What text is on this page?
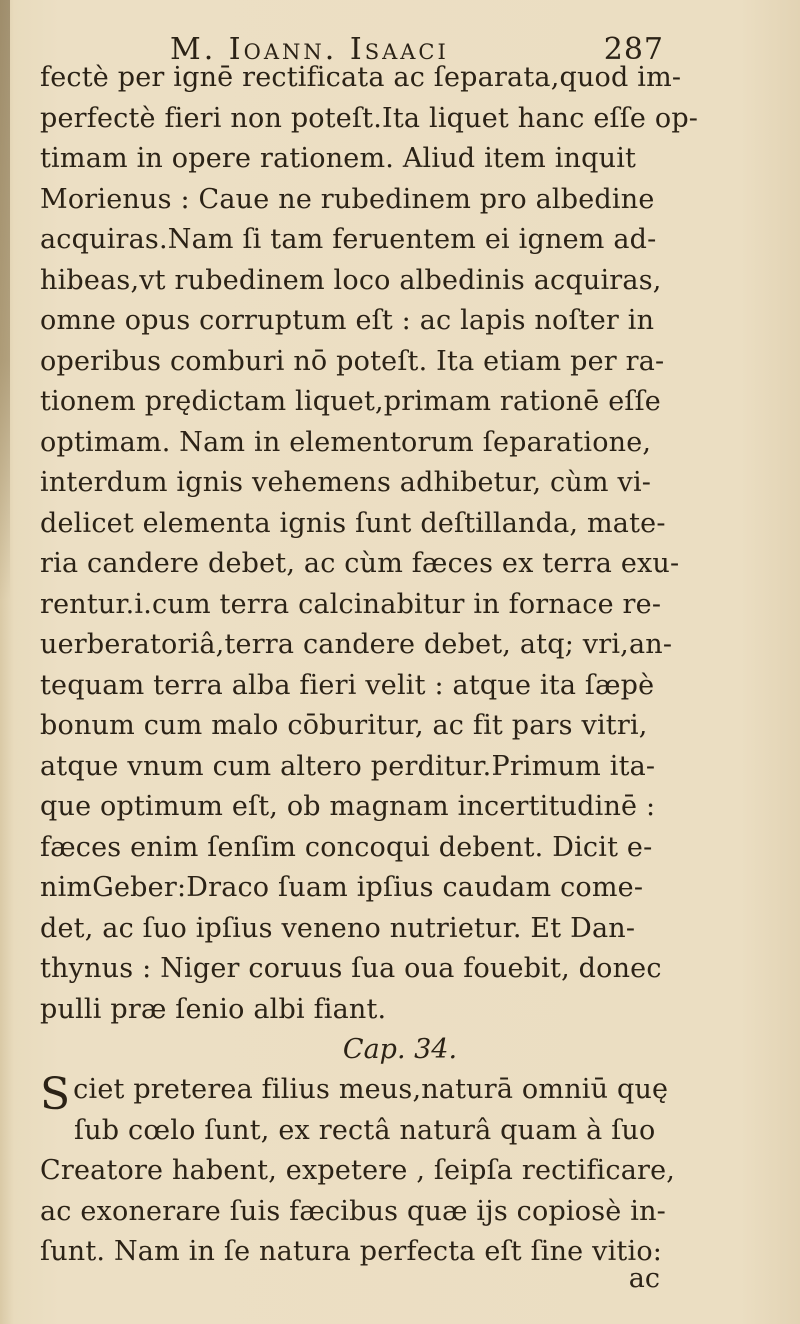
M. Ioann. Isaaci	287
fectè per ignē rectificata ac ſeparata,quod im-
perfectè fieri non poteſt.Ita liquet hanc eſſe op-
timam in opere rationem. Aliud item inquit
Morienus : Caue ne rubedinem pro albedine
acquiras.Nam ſi tam feruentem ei ignem ad-
hibeas,vt rubedinem loco albedinis acquiras,
omne opus corruptum eſt : ac lapis noſter in
operibus comburi nō poteſt. Ita etiam per ra-
tionem prędictam liquet,primam rationē eſſe
optimam. Nam in elementorum ſeparatione,
interdum ignis vehemens adhibetur, cùm vi-
delicet elementa ignis ſunt deſtillanda, mate-
ria candere debet, ac cùm fæces ex terra exu-
rentur.i.cum terra calcinabitur in fornace re-
uerberatoriâ,terra candere debet, atq; vri,an-
tequam terra alba fieri velit : atque ita ſæpè
bonum cum malo cōburitur, ac fit pars vitri,
atque vnum cum altero perditur.Primum ita-
que optimum eſt, ob magnam incertitudinē :
fæces enim ſenſim concoqui debent. Dicit e-
nimGeber:Draco ſuam ipſius caudam come-
det, ac ſuo ipſius veneno nutrietur. Et Dan-
thynus : Niger coruus ſua oua fouebit, donec
pulli præ ſenio albi fiant.
Cap. 34.
S ciet preterea filius meus,naturā omniū quę
ſub cœlo ſunt, ex rectâ naturâ quam à ſuo
Creatore habent, expetere , ſeipſa rectificare,
ac exonerare ſuis fæcibus quæ ijs copiosè in-
ſunt. Nam in ſe natura perfecta eſt ſine vitio:
ac
